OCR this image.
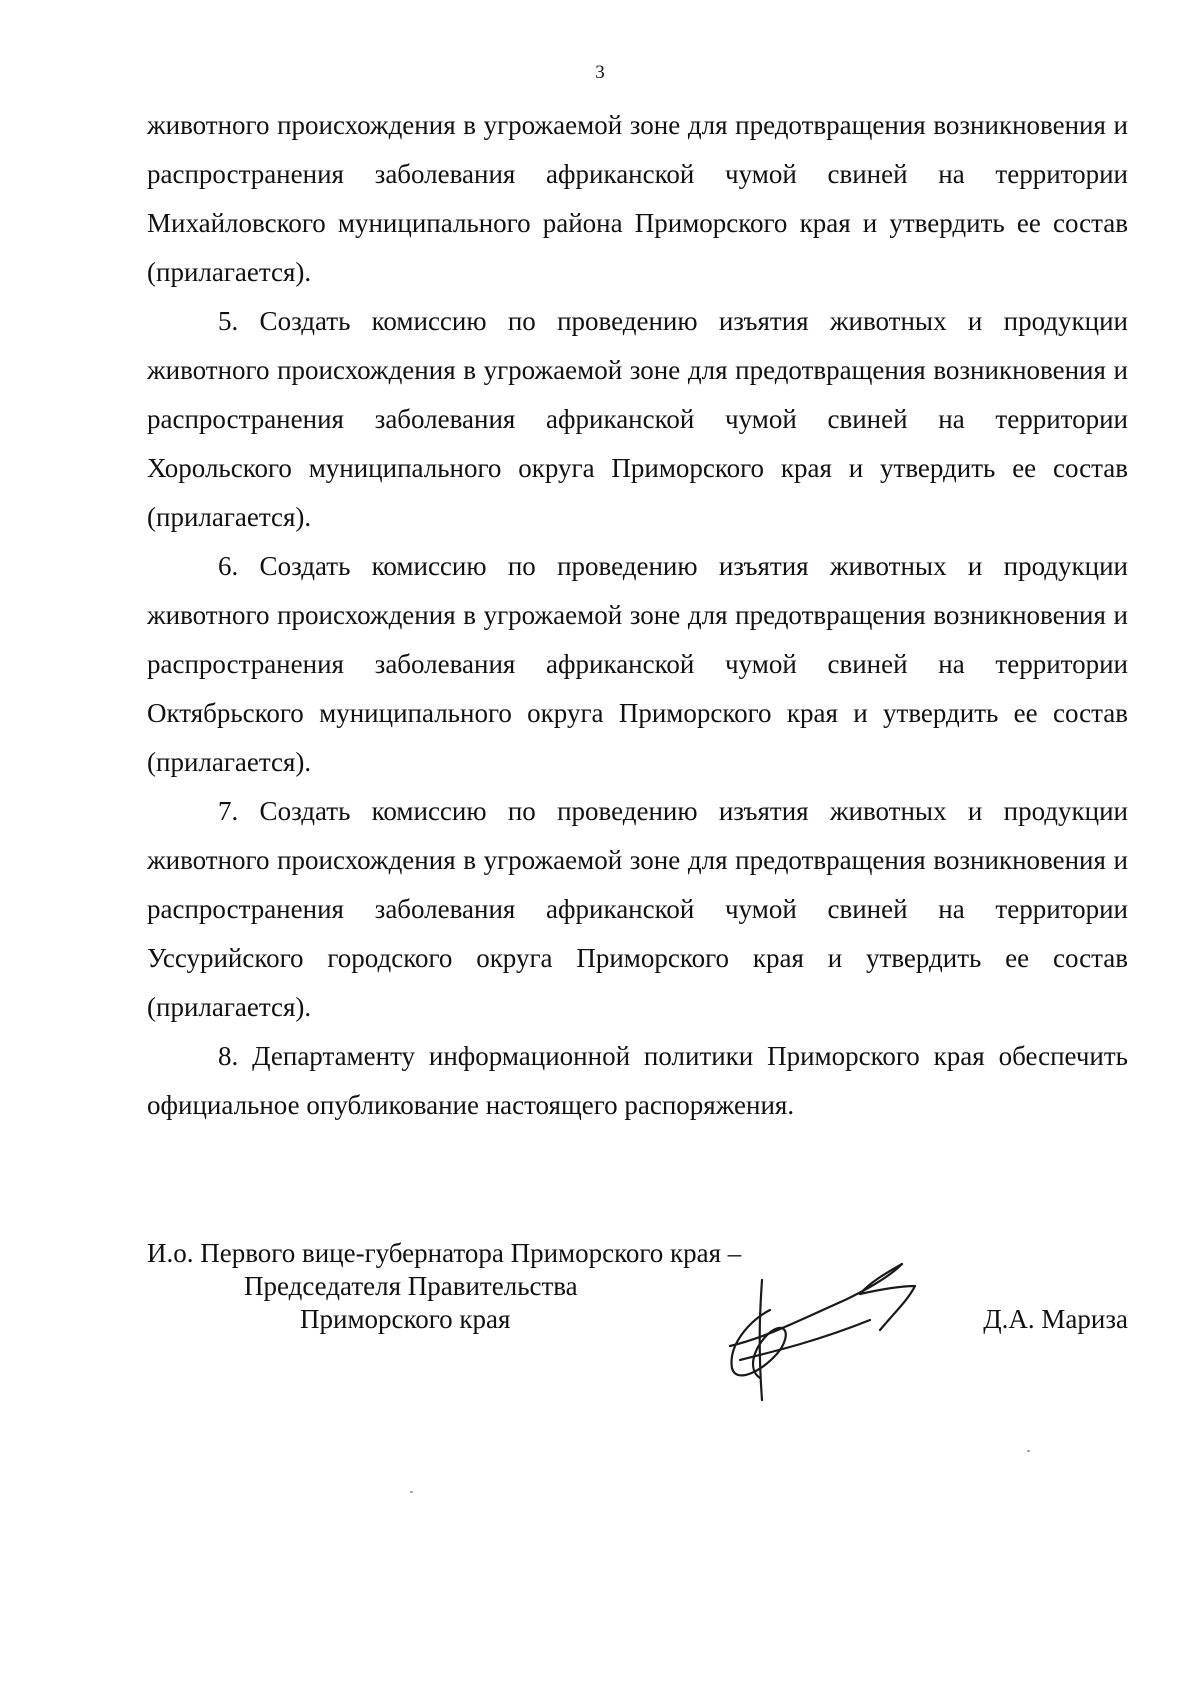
3

животного происхождения в угрожаемой зоне для предотвращения возникновения и распространения заболевания африканской чумой свиней на территории Михайловского муниципального района Приморского края и утвердить ее состав (прилагается).

5. Создать комиссию по проведению изъятия животных и продукции животного происхождения в угрожаемой зоне для предотвращения возникновения и распространения заболевания африканской чумой свиней на территории Хорольского муниципального округа Приморского края и утвердить ее состав (прилагается).

6. Создать комиссию по проведению изъятия животных и продукции животного происхождения в угрожаемой зоне для предотвращения возникновения и распространения заболевания африканской чумой свиней на территории Октябрьского муниципального округа Приморского края и утвердить ее состав (прилагается).

7. Создать комиссию по проведению изъятия животных и продукции животного происхождения в угрожаемой зоне для предотвращения возникновения и распространения заболевания африканской чумой свиней на территории Уссурийского городского округа Приморского края и утвердить ее состав (прилагается).

8. Департаменту информационной политики Приморского края обеспечить официальное опубликование настоящего распоряжения.

И.о. Первого вице-губернатора Приморского края –
Председателя Правительства
Приморского края	Д.А. Мариза
